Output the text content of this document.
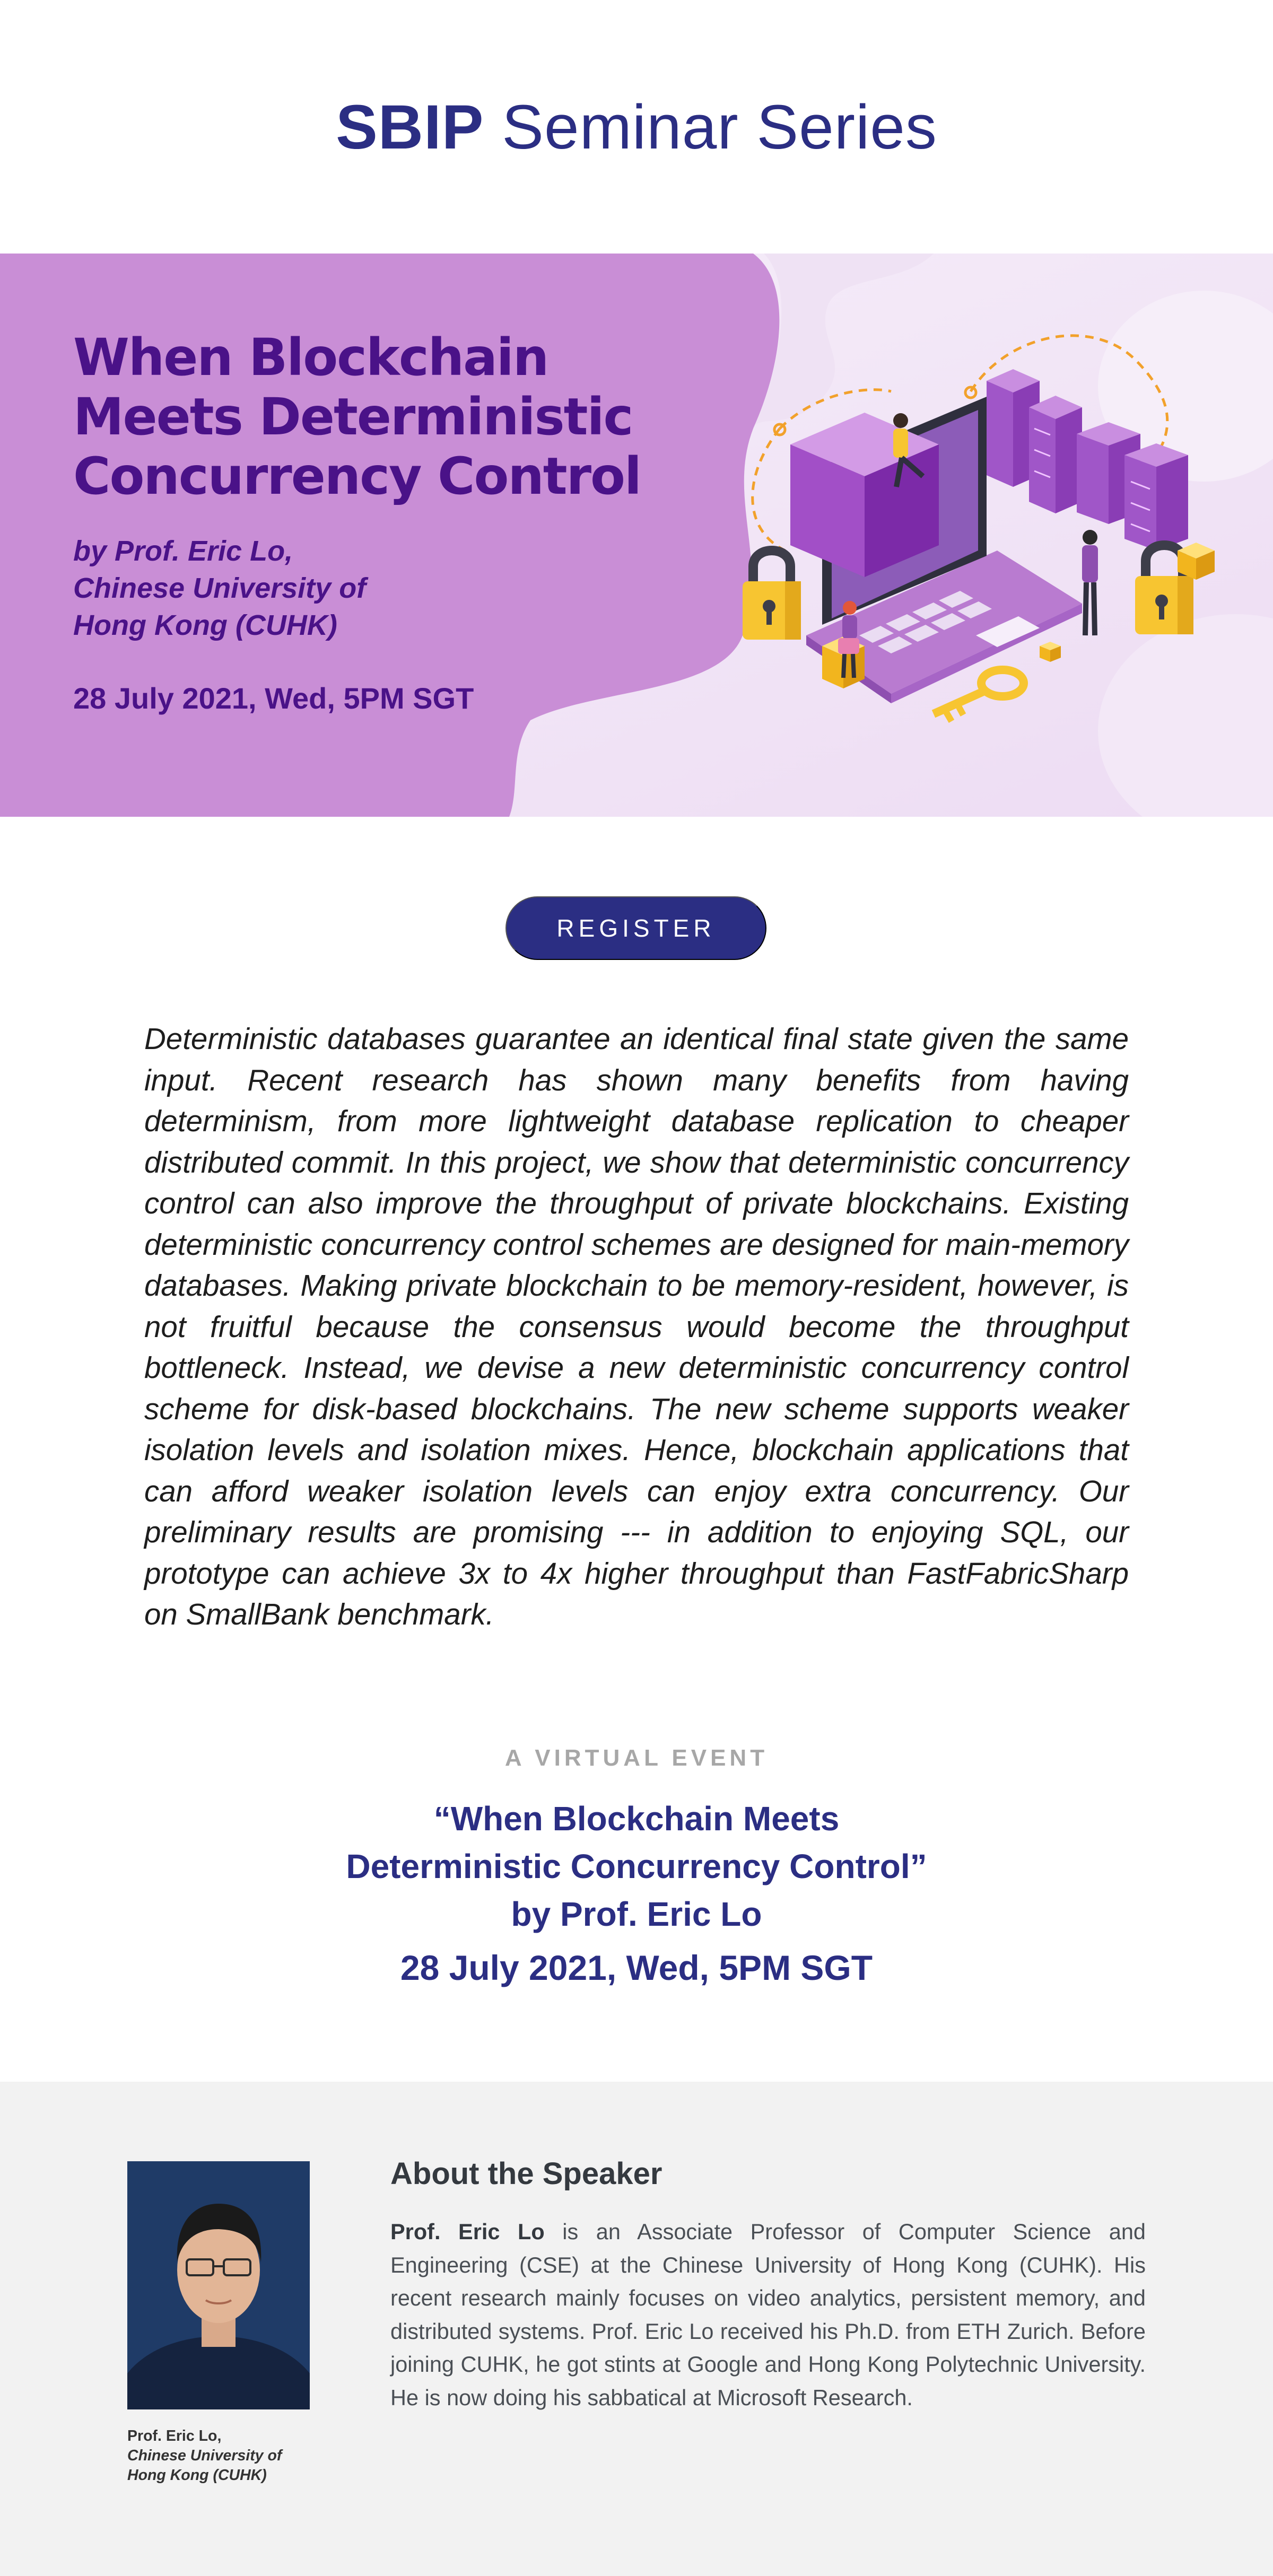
SBIP Seminar Series
When Blockchain
Meets Deterministic
Concurrency Control
by Prof. Eric Lo,
Chinese University of
Hong Kong (CUHK)
28 July 2021, Wed, 5PM SGT
REGISTER

Deterministic databases guarantee an identical final state given the same input. Recent research has shown many benefits from having determinism, from more lightweight database replication to cheaper distributed commit. In this project, we show that deterministic concurrency control can also improve the throughput of private blockchains. Existing deterministic concurrency control schemes are designed for main-memory databases. Making private blockchain to be memory-resident, however, is not fruitful because the consensus would become the throughput bottleneck. Instead, we devise a new deterministic concurrency control scheme for disk-based blockchains. The new scheme supports weaker isolation levels and isolation mixes. Hence, blockchain applications that can afford weaker isolation levels can enjoy extra concurrency. Our preliminary results are promising --- in addition to enjoying SQL, our prototype can achieve 3x to 4x higher throughput than FastFabricSharp on SmallBank benchmark.

A VIRTUAL EVENT
“When Blockchain Meets
Deterministic Concurrency Control”
by Prof. Eric Lo
28 July 2021, Wed, 5PM SGT
Prof. Eric Lo,
Chinese University of
Hong Kong (CUHK)
About the Speaker

Prof. Eric Lo is an Associate Professor of Computer Science and Engineering (CSE) at the Chinese University of Hong Kong (CUHK). His recent research mainly focuses on video analytics, persistent memory, and distributed systems. Prof. Eric Lo received his Ph.D. from ETH Zurich. Before joining CUHK, he got stints at Google and Hong Kong Polytechnic University. He is now doing his sabbatical at Microsoft Research.
